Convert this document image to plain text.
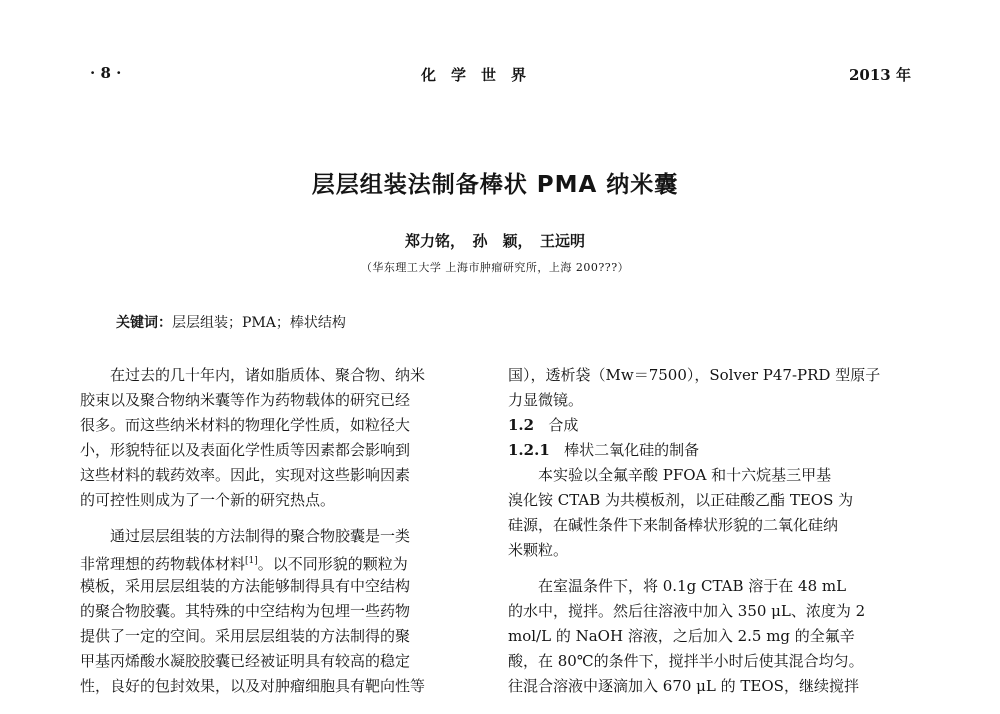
· 8 ·	化　学　世　界	2013 年
层层组装法制备棒状 PMA 纳米囊
郑力铭，　孙　颖，　王远明
（华东理工大学 上海市肿瘤研究所，上海 200???）
关键词：层层组装；PMA；棒状结构
在过去的几十年内，诸如脂质体、聚合物、纳米
胶束以及聚合物纳米囊等作为药物载体的研究已经
很多。而这些纳米材料的物理化学性质，如粒径大
小，形貌特征以及表面化学性质等因素都会影响到
这些材料的载药效率。因此，实现对这些影响因素
的可控性则成为了一个新的研究热点。
通过层层组装的方法制得的聚合物胶囊是一类
非常理想的药物载体材料[1]。以不同形貌的颗粒为
模板，采用层层组装的方法能够制得具有中空结构
的聚合物胶囊。其特殊的中空结构为包埋一些药物
提供了一定的空间。采用层层组装的方法制得的聚
甲基丙烯酸水凝胶胶囊已经被证明具有较高的稳定
性，良好的包封效果，以及对肿瘤细胞具有靶向性等
国），透析袋（Mw＝7500），Solver P47-PRD 型原子
力显微镜。
1.2 合成
1.2.1 棒状二氧化硅的制备
本实验以全氟辛酸 PFOA 和十六烷基三甲基
溴化铵 CTAB 为共模板剂，以正硅酸乙酯 TEOS 为
硅源，在碱性条件下来制备棒状形貌的二氧化硅纳
米颗粒。
在室温条件下，将 0.1g CTAB 溶于在 48 mL
的水中，搅拌。然后往溶液中加入 350 μL、浓度为 2
mol/L 的 NaOH 溶液，之后加入 2.5 mg 的全氟辛
酸，在 80℃的条件下，搅拌半小时后使其混合均匀。
往混合溶液中逐滴加入 670 μL 的 TEOS，继续搅拌
